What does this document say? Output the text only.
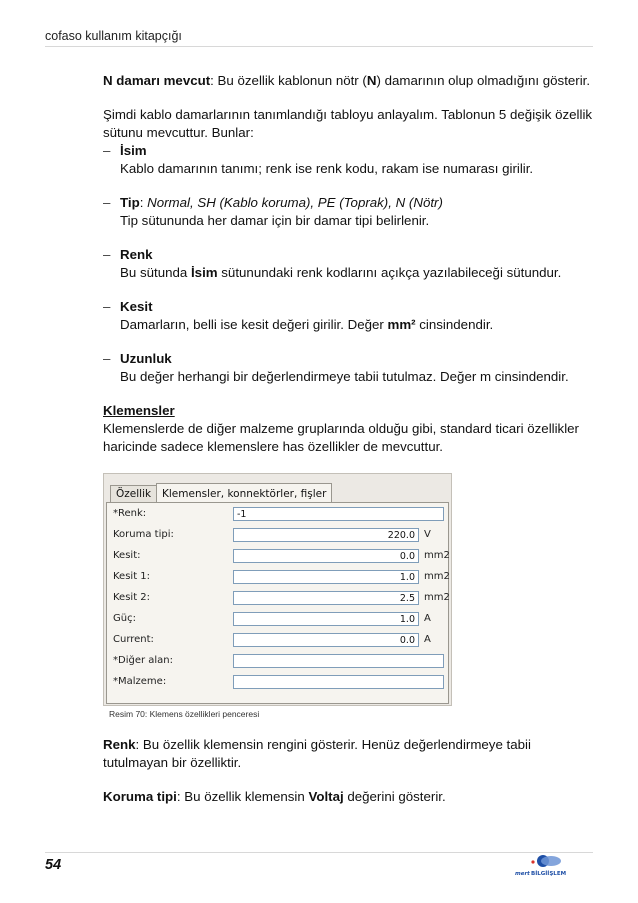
cofaso kullanım kitapçığı
N damarı mevcut: Bu özellik kablonun nötr (N) damarının olup olmadığını gösterir.
Şimdi kablo damarlarının tanımlandığı tabloyu anlayalım. Tablonun 5 değişik özellik sütunu mevcuttur. Bunlar:
– İsim
Kablo damarının tanımı; renk ise renk kodu, rakam ise numarası girilir.
– Tip: Normal, SH (Kablo koruma), PE (Toprak), N (Nötr)
Tip sütununda her damar için bir damar tipi belirlenir.
– Renk
Bu sütunda İsim sütunundaki renk kodlarını açıkça yazılabileceği sütundur.
– Kesit
Damarların, belli ise kesit değeri girilir. Değer mm² cinsindendir.
– Uzunluk
Bu değer herhangi bir değerlendirmeye tabii tutulmaz. Değer m cinsindendir.
Klemensler
Klemenslerde de diğer malzeme gruplarında olduğu gibi, standard ticari özellikler haricinde sadece klemenslere has özellikler de mevcuttur.
Özellik	Klemensler, konnektörler, fişler
*Renk:	-1
Koruma tipi:	220.0 V
Kesit:	0.0 mm2
Kesit 1:	1.0 mm2
Kesit 2:	2.5 mm2
Güç:	1.0 A
Current:	0.0 A
*Diğer alan:
*Malzeme:
Resim 70: Klemens özellikleri penceresi
Renk: Bu özellik klemensin rengini gösterir. Henüz değerlendirmeye tabii tutulmayan bir özelliktir.
Koruma tipi: Bu özellik klemensin Voltaj değerini gösterir.
54
mert BİLGİİŞLEM
